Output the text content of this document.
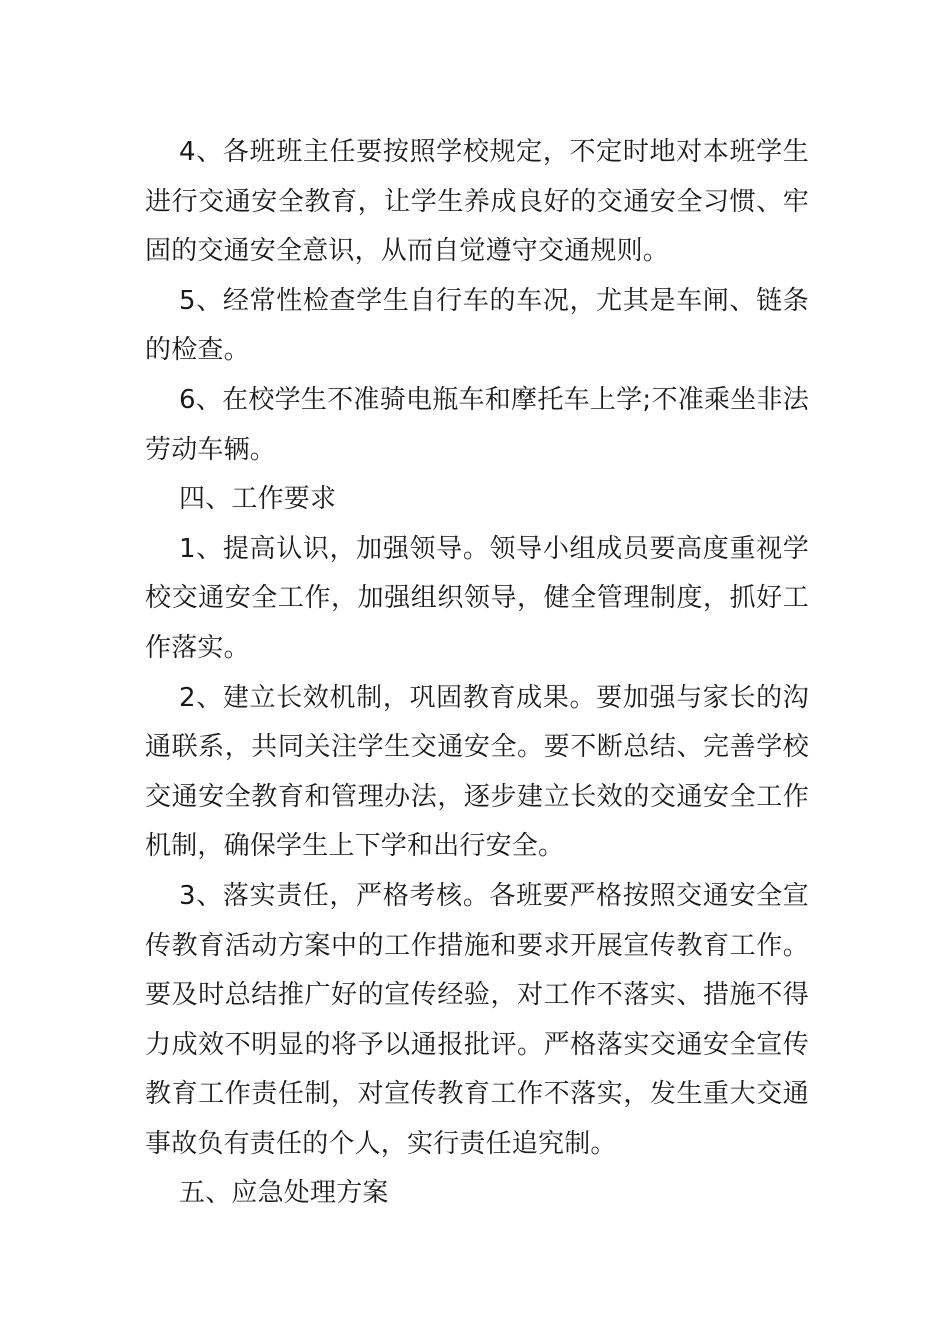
4、各班班主任要按照学校规定，不定时地对本班学生进行交通安全教育，让学生养成良好的交通安全习惯、牢固的交通安全意识，从而自觉遵守交通规则。

5、经常性检查学生自行车的车况，尤其是车闸、链条的检查。

6、在校学生不准骑电瓶车和摩托车上学;不准乘坐非法劳动车辆。

四、工作要求

1、提高认识，加强领导。领导小组成员要高度重视学校交通安全工作，加强组织领导，健全管理制度，抓好工作落实。

2、建立长效机制，巩固教育成果。要加强与家长的沟通联系，共同关注学生交通安全。要不断总结、完善学校交通安全教育和管理办法，逐步建立长效的交通安全工作机制，确保学生上下学和出行安全。

3、落实责任，严格考核。各班要严格按照交通安全宣传教育活动方案中的工作措施和要求开展宣传教育工作。要及时总结推广好的宣传经验，对工作不落实、措施不得力成效不明显的将予以通报批评。严格落实交通安全宣传教育工作责任制，对宣传教育工作不落实，发生重大交通事故负有责任的个人，实行责任追究制。

五、应急处理方案
